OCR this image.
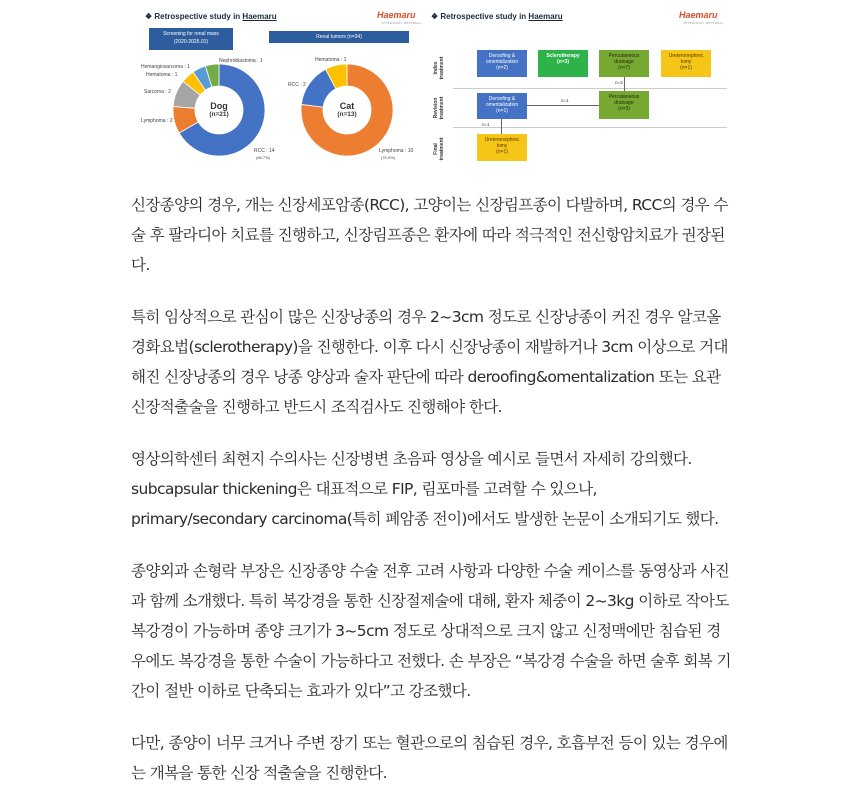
❖ Retrospective study in Haemaru	Haemaru
VETERINARY REFERRAL
Screening for renal mass
(2020-2025.01)
Renal tumors (n=34)
Dog
(n=21)
Nephroblastoma : 1
Hemangiosarcoma : 1
Hematoma : 1
Sarcoma : 2
Lymphoma : 2
RCC : 14
(66.7%)
Cat
(n=13)
Hematoma : 1
RCC : 2
Lymphoma : 10
(76.9%)
❖ Retrospective study in Haemaru	Haemaru
VETERINARY REFERRAL
Index
treatment
Revision
treatment
Final
treatment
Deroofing &
omentalization
(n=2)
Sclerotherapy
(n=3)
Percutaneous
drainage
(n=7)
Ureteronephrec
tomy
(n=1)
Deroofing &
omentalization
(n=1)
Percutaneous
drainage
(n=3)
Ureteronephrec
tomy
(n=1)
n=3
n=1
n=1

신장종양의 경우, 개는 신장세포암종(RCC), 고양이는 신장림프종이 다발하며, RCC의 경우 수술 후 팔라디아 치료를 진행하고, 신장림프종은 환자에 따라 적극적인 전신항암치료가 권장된다.

특히 임상적으로 관심이 많은 신장낭종의 경우 2~3cm 정도로 신장낭종이 커진 경우 알코올경화요법(sclerotherapy)을 진행한다. 이후 다시 신장낭종이 재발하거나 3cm 이상으로 거대해진 신장낭종의 경우 낭종 양상과 술자 판단에 따라 deroofing&omentalization 또는 요관신장적출술을 진행하고 반드시 조직검사도 진행해야 한다.

영상의학센터 최현지 수의사는 신장병변 초음파 영상을 예시로 들면서 자세히 강의했다. subcapsular thickening은 대표적으로 FIP, 림포마를 고려할 수 있으나, primary/secondary carcinoma(특히 폐암종 전이)에서도 발생한 논문이 소개되기도 했다.

종양외과 손형락 부장은 신장종양 수술 전후 고려 사항과 다양한 수술 케이스를 동영상과 사진과 함께 소개했다. 특히 복강경을 통한 신장절제술에 대해, 환자 체중이 2~3kg 이하로 작아도 복강경이 가능하며 종양 크기가 3~5cm 정도로 상대적으로 크지 않고 신정맥에만 침습된 경우에도 복강경을 통한 수술이 가능하다고 전했다. 손 부장은 “복강경 수술을 하면 술후 회복 기간이 절반 이하로 단축되는 효과가 있다”고 강조했다.

다만, 종양이 너무 크거나 주변 장기 또는 혈관으로의 침습된 경우, 호흡부전 등이 있는 경우에는 개복을 통한 신장 적출술을 진행한다.
